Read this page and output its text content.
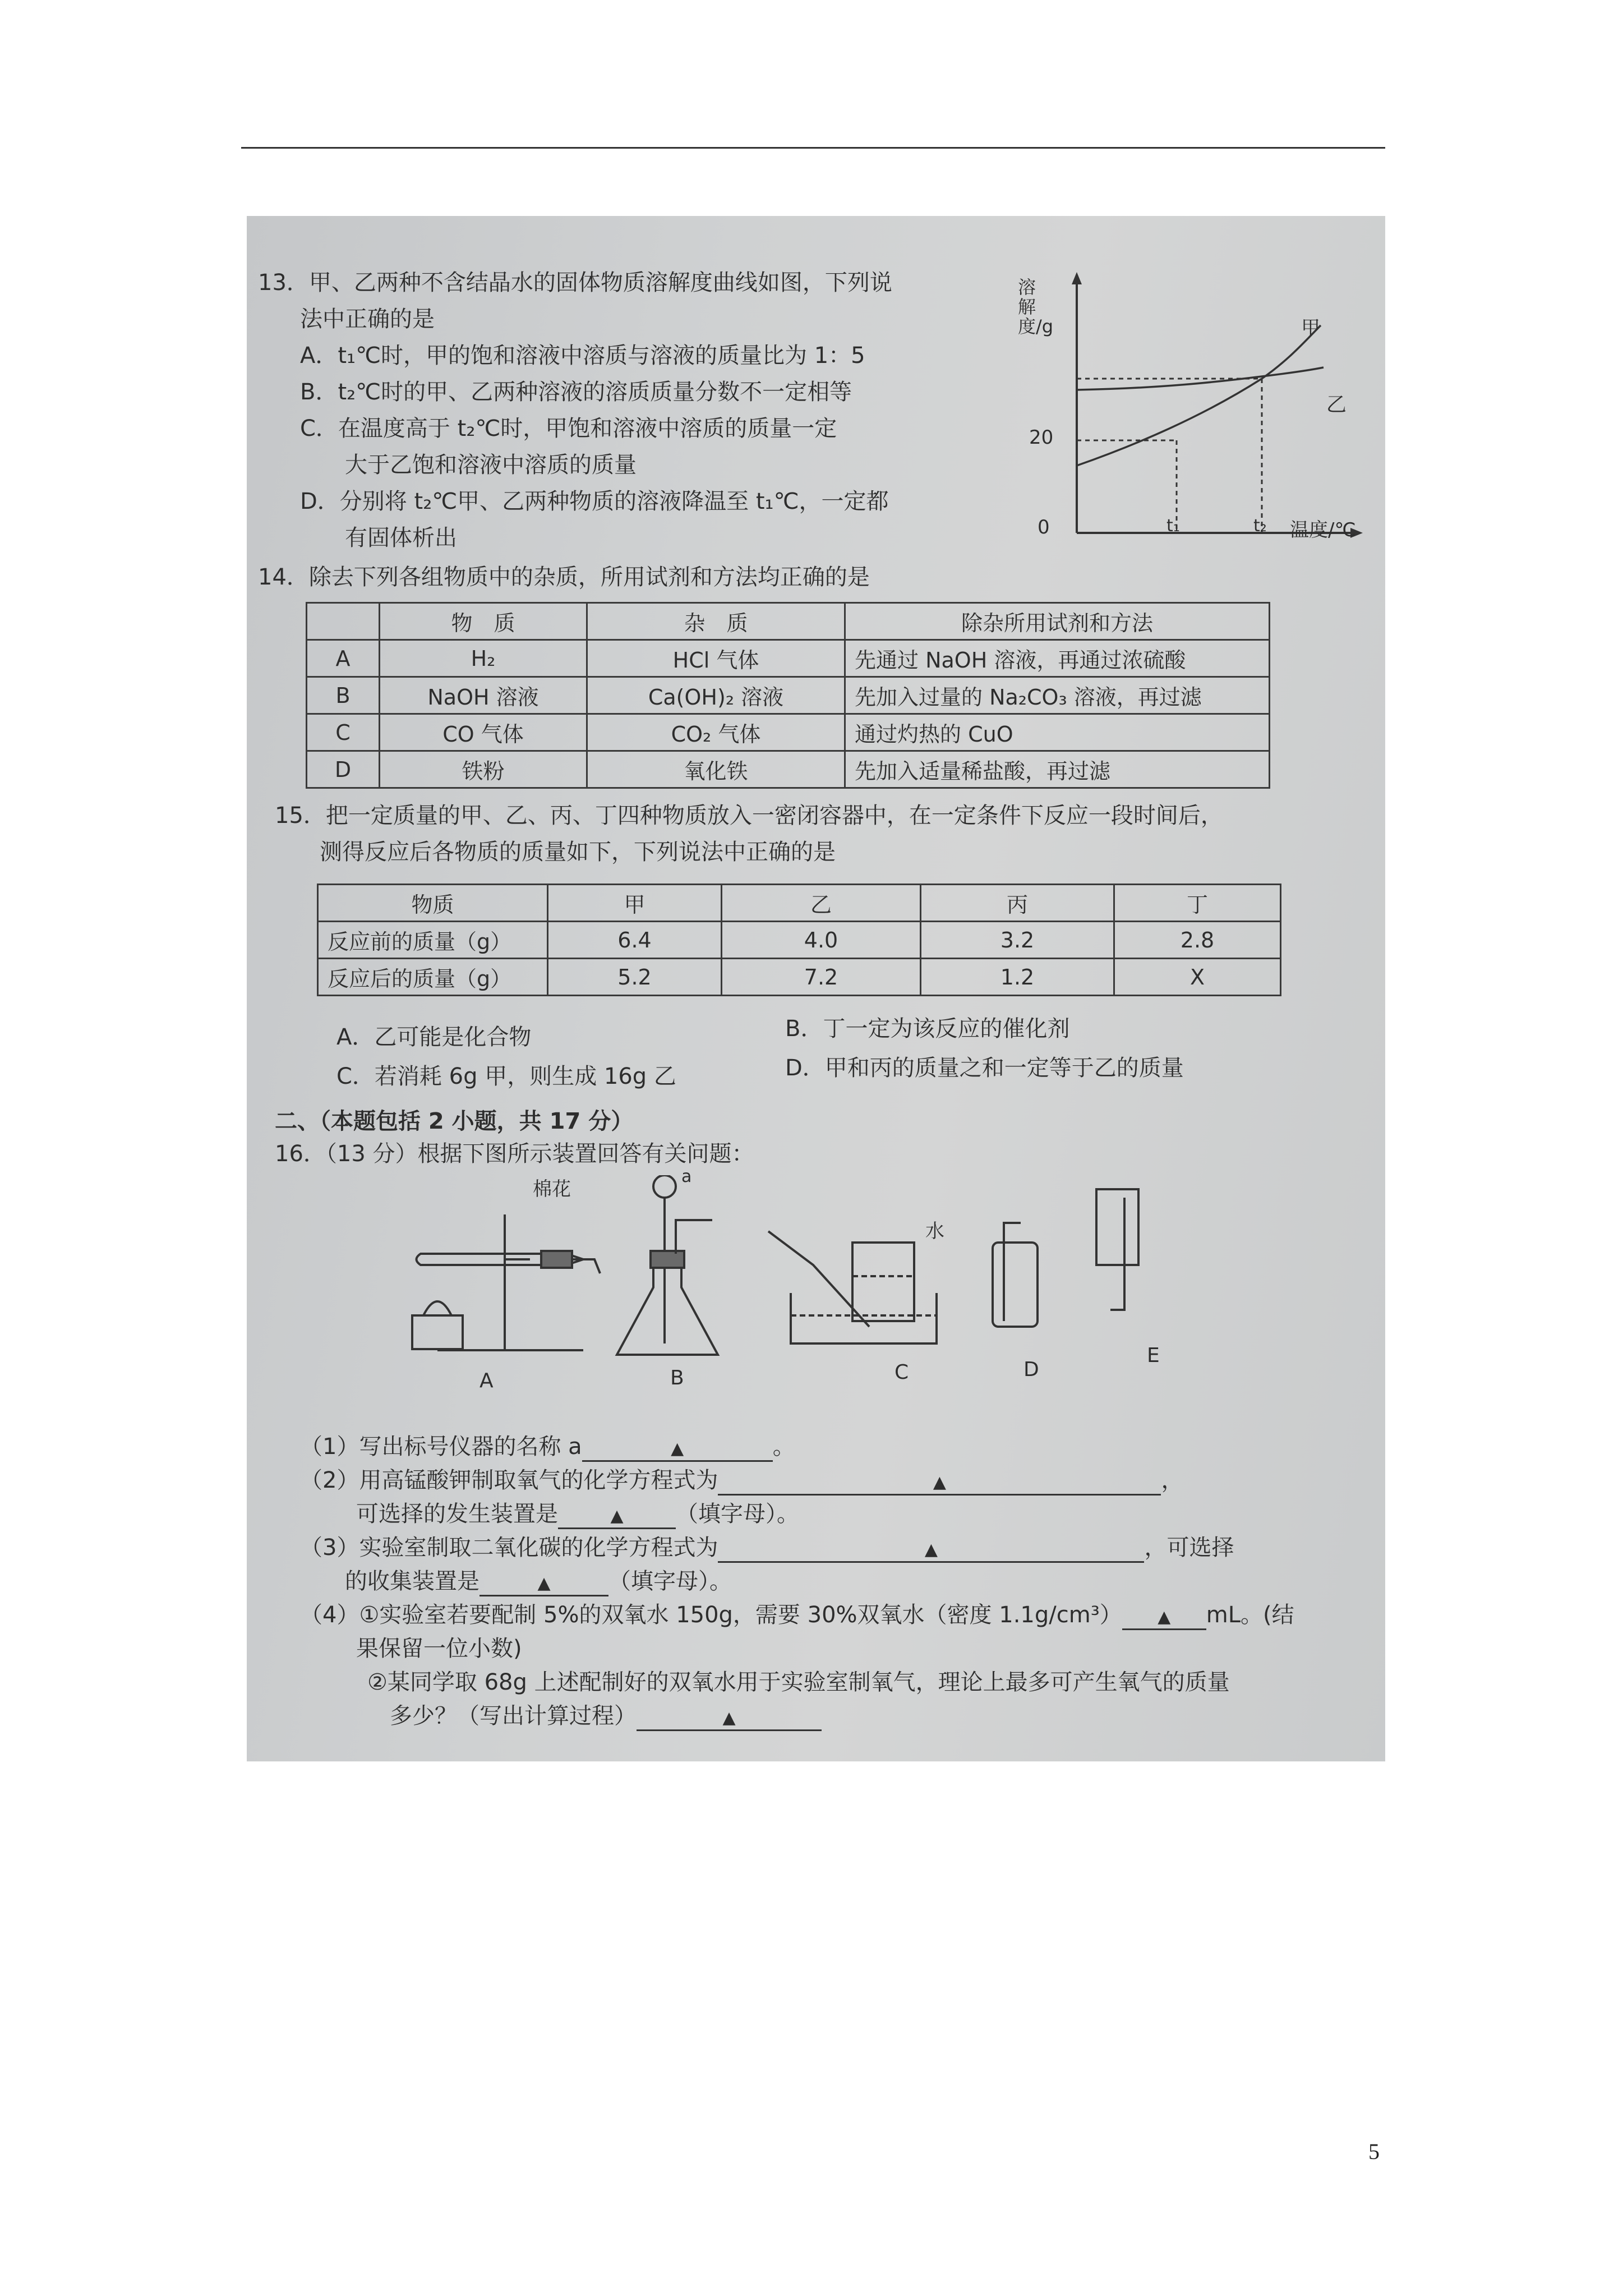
13．甲、乙两种不含结晶水的固体物质溶解度曲线如图，下列说
法中正确的是
A．t₁℃时，甲的饱和溶液中溶质与溶液的质量比为 1：5
B．t₂℃时的甲、乙两种溶液的溶质质量分数不一定相等
C．在温度高于 t₂℃时，甲饱和溶液中溶质的质量一定
大于乙饱和溶液中溶质的质量
D．分别将 t₂℃甲、乙两种物质的溶液降温至 t₁℃，一定都
有固体析出
溶解度/g	甲
乙
20
0	t₁	t₂ 温度/℃
14．除去下列各组物质中的杂质，所用试剂和方法均正确的是
	物　质	杂　质	除杂所用试剂和方法
A	H₂	HCl 气体	先通过 NaOH 溶液，再通过浓硫酸
B	NaOH 溶液	Ca(OH)₂ 溶液	先加入过量的 Na₂CO₃ 溶液，再过滤
C	CO 气体	CO₂ 气体	通过灼热的 CuO
D	铁粉	氧化铁	先加入适量稀盐酸，再过滤
15．把一定质量的甲、乙、丙、丁四种物质放入一密闭容器中，在一定条件下反应一段时间后，
测得反应后各物质的质量如下，下列说法中正确的是
物质	甲	乙	丙	丁
反应前的质量（g）	6.4	4.0	3.2	2.8
反应后的质量（g）	5.2	7.2	1.2	X
A．乙可能是化合物	B．丁一定为该反应的催化剂
C．若消耗 6g 甲，则生成 16g 乙	D．甲和丙的质量之和一定等于乙的质量
二、（本题包括 2 小题，共 17 分）
16．（13 分）根据下图所示装置回答有关问题：
棉花
a
水
A	B	C	D
E
（1）写出标号仪器的名称 a	▲	。
（2）用高锰酸钾制取氧气的化学方程式为	▲	，
可选择的发生装置是	▲ （填字母）。
（3）实验室制取二氧化碳的化学方程式为	▲	，可选择
的收集装置是	▲	（填字母）。
（4）①实验室若要配制 5%的双氧水 150g，需要 30%双氧水（密度 1.1g/cm³） ▲ mL。(结
果保留一位小数)
②某同学取 68g 上述配制好的双氧水用于实验室制氧气，理论上最多可产生氧气的质量
多少？（写出计算过程）	▲
5
